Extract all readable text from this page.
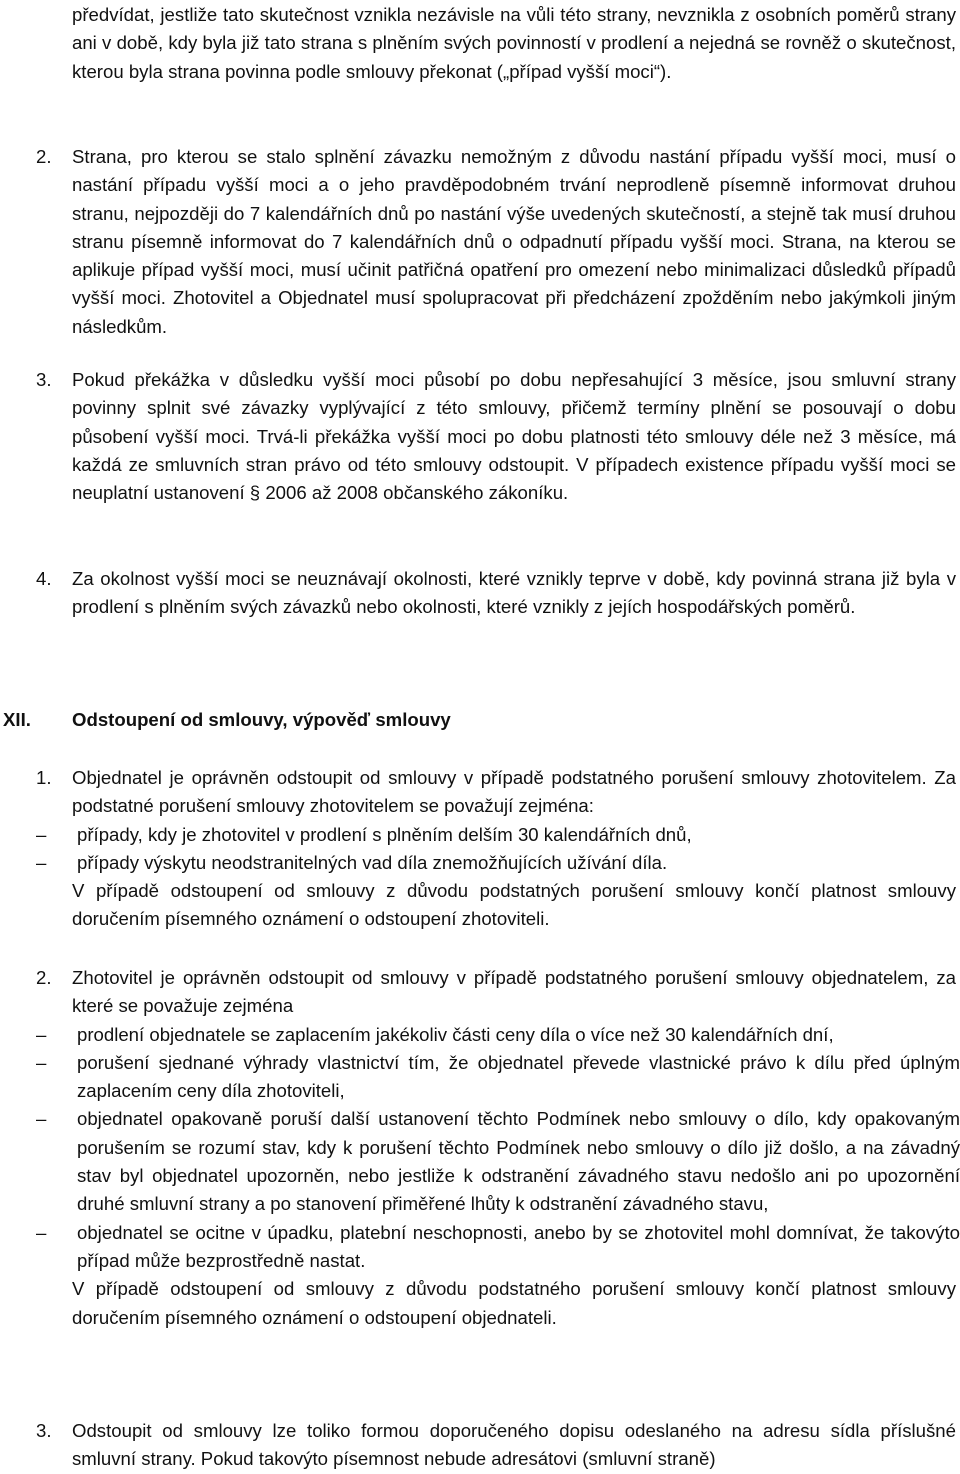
předvídat, jestliže tato skutečnost vznikla nezávisle na vůli této strany, nevznikla z osobních poměrů strany ani v době, kdy byla již tato strana s plněním svých povinností v prodlení a nejedná se rovněž o skutečnost, kterou byla strana povinna podle smlouvy překonat („případ vyšší moci“).

2.	Strana, pro kterou se stalo splnění závazku nemožným z důvodu nastání případu vyšší moci, musí o nastání případu vyšší moci a o jeho pravděpodobném trvání neprodleně písemně informovat druhou stranu, nejpozději do 7 kalendářních dnů po nastání výše uvedených skutečností, a stejně tak musí druhou stranu písemně informovat do 7 kalendářních dnů o odpadnutí případu vyšší moci. Strana, na kterou se aplikuje případ vyšší moci, musí učinit patřičná opatření pro omezení nebo minimalizaci důsledků případů vyšší moci. Zhotovitel a Objednatel musí spolupracovat při předcházení zpožděním nebo jakýmkoli jiným následkům.

3.	Pokud překážka v důsledku vyšší moci působí po dobu nepřesahující 3 měsíce, jsou smluvní strany povinny splnit své závazky vyplývající z této smlouvy, přičemž termíny plnění se posouvají o dobu působení vyšší moci. Trvá-li překážka vyšší moci po dobu platnosti této smlouvy déle než 3 měsíce, má každá ze smluvních stran právo od této smlouvy odstoupit. V případech existence případu vyšší moci se neuplatní ustanovení § 2006 až 2008 občanského zákoníku.

4.	Za okolnost vyšší moci se neuznávají okolnosti, které vznikly teprve v době, kdy povinná strana již byla v prodlení s plněním svých závazků nebo okolnosti, které vznikly z jejích hospodářských poměrů.

XII. Odstoupení od smlouvy, výpověď smlouvy
1.	Objednatel je oprávněn odstoupit od smlouvy v případě podstatného porušení smlouvy zhotovitelem. Za podstatné porušení smlouvy zhotovitelem se považují zejména:

– případy, kdy je zhotovitel v prodlení s plněním delším 30 kalendářních dnů,
– případy výskytu neodstranitelných vad díla znemožňujících užívání díla.

V případě odstoupení od smlouvy z důvodu podstatných porušení smlouvy končí platnost smlouvy doručením písemného oznámení o odstoupení zhotoviteli.

2.	Zhotovitel je oprávněn odstoupit od smlouvy v případě podstatného porušení smlouvy objednatelem, za které se považuje zejména

– prodlení objednatele se zaplacením jakékoliv části ceny díla o více než 30 kalendářních dní,
– porušení sjednané výhrady vlastnictví tím, že objednatel převede vlastnické právo k dílu před úplným zaplacením ceny díla zhotoviteli,
– objednatel opakovaně poruší další ustanovení těchto Podmínek nebo smlouvy o dílo, kdy opakovaným porušením se rozumí stav, kdy k porušení těchto Podmínek nebo smlouvy o dílo již došlo, a na závadný stav byl objednatel upozorněn, nebo jestliže k odstranění závadného stavu nedošlo ani po upozornění druhé smluvní strany a po stanovení přiměřené lhůty k odstranění závadného stavu,
– objednatel se ocitne v úpadku, platební neschopnosti, anebo by se zhotovitel mohl domnívat, že takovýto případ může bezprostředně nastat.

V případě odstoupení od smlouvy z důvodu podstatného porušení smlouvy končí platnost smlouvy doručením písemného oznámení o odstoupení objednateli.

3.	Odstoupit od smlouvy lze toliko formou doporučeného dopisu odeslaného na adresu sídla příslušné smluvní strany. Pokud takovýto písemnost nebude adresátovi (smluvní straně)
